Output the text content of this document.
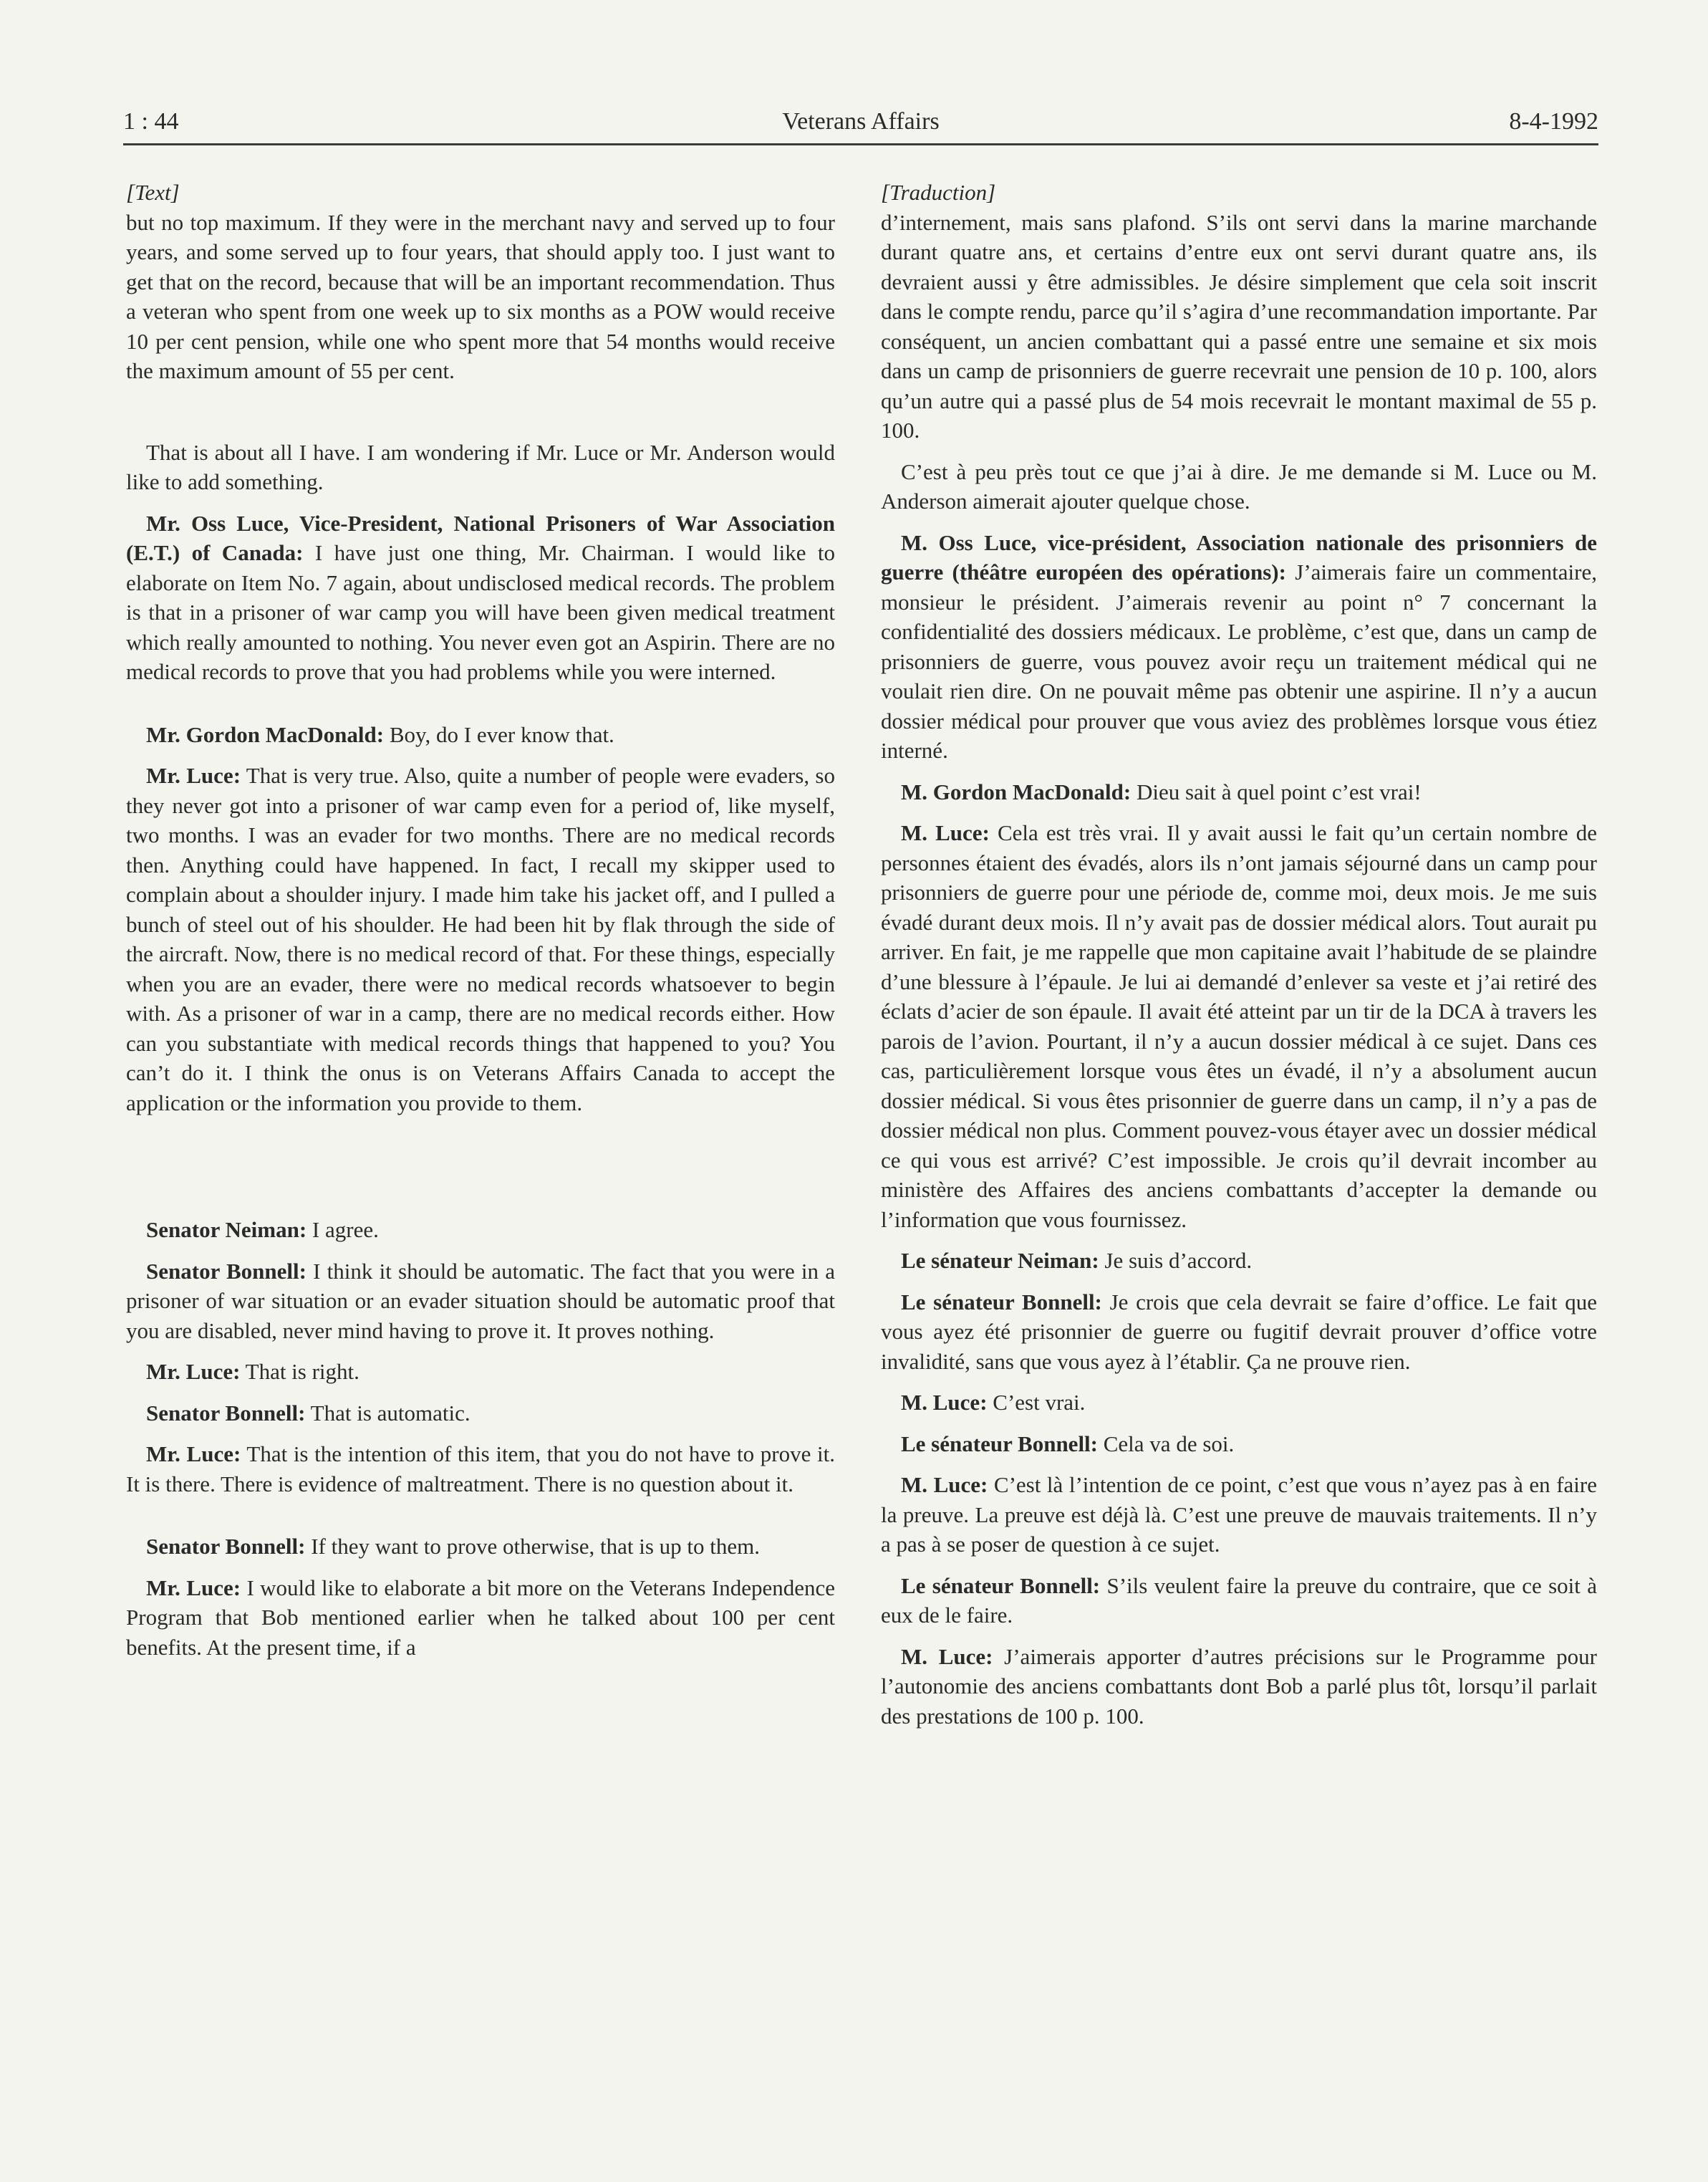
1 : 44	Veterans Affairs	8-4-1992

[Text]

but no top maximum. If they were in the merchant navy and served up to four years, and some served up to four years, that should apply too. I just want to get that on the record, because that will be an important recommendation. Thus a veteran who spent from one week up to six months as a POW would receive 10 per cent pension, while one who spent more that 54 months would receive the maximum amount of 55 per cent.

That is about all I have. I am wondering if Mr. Luce or Mr. Anderson would like to add something.

Mr. Oss Luce, Vice-President, National Prisoners of War Association (E.T.) of Canada: I have just one thing, Mr. Chairman. I would like to elaborate on Item No. 7 again, about undisclosed medical records. The problem is that in a prisoner of war camp you will have been given medical treatment which really amounted to nothing. You never even got an Aspirin. There are no medical records to prove that you had problems while you were interned.

Mr. Gordon MacDonald: Boy, do I ever know that.

Mr. Luce: That is very true. Also, quite a number of people were evaders, so they never got into a prisoner of war camp even for a period of, like myself, two months. I was an evader for two months. There are no medical records then. Anything could have happened. In fact, I recall my skipper used to complain about a shoulder injury. I made him take his jacket off, and I pulled a bunch of steel out of his shoulder. He had been hit by flak through the side of the aircraft. Now, there is no medical record of that. For these things, especially when you are an evader, there were no medical records whatsoever to begin with. As a prisoner of war in a camp, there are no medical records either. How can you substantiate with medical records things that happened to you? You can’t do it. I think the onus is on Veterans Affairs Canada to accept the application or the information you provide to them.

Senator Neiman: I agree.

Senator Bonnell: I think it should be automatic. The fact that you were in a prisoner of war situation or an evader situation should be automatic proof that you are disabled, never mind having to prove it. It proves nothing.

Mr. Luce: That is right.

Senator Bonnell: That is automatic.

Mr. Luce: That is the intention of this item, that you do not have to prove it. It is there. There is evidence of maltreatment. There is no question about it.

Senator Bonnell: If they want to prove otherwise, that is up to them.

Mr. Luce: I would like to elaborate a bit more on the Veterans Independence Program that Bob mentioned earlier when he talked about 100 per cent benefits. At the present time, if a

[Traduction]

d’internement, mais sans plafond. S’ils ont servi dans la marine marchande durant quatre ans, et certains d’entre eux ont servi durant quatre ans, ils devraient aussi y être admissibles. Je désire simplement que cela soit inscrit dans le compte rendu, parce qu’il s’agira d’une recommandation importante. Par conséquent, un ancien combattant qui a passé entre une semaine et six mois dans un camp de prisonniers de guerre recevrait une pension de 10 p. 100, alors qu’un autre qui a passé plus de 54 mois recevrait le montant maximal de 55 p. 100.

C’est à peu près tout ce que j’ai à dire. Je me demande si M. Luce ou M. Anderson aimerait ajouter quelque chose.

M. Oss Luce, vice-président, Association nationale des prisonniers de guerre (théâtre européen des opérations): J’aimerais faire un commentaire, monsieur le président. J’aimerais revenir au point n° 7 concernant la confidentialité des dossiers médicaux. Le problème, c’est que, dans un camp de prisonniers de guerre, vous pouvez avoir reçu un traitement médical qui ne voulait rien dire. On ne pouvait même pas obtenir une aspirine. Il n’y a aucun dossier médical pour prouver que vous aviez des problèmes lorsque vous étiez interné.

M. Gordon MacDonald: Dieu sait à quel point c’est vrai!

M. Luce: Cela est très vrai. Il y avait aussi le fait qu’un certain nombre de personnes étaient des évadés, alors ils n’ont jamais séjourné dans un camp pour prisonniers de guerre pour une période de, comme moi, deux mois. Je me suis évadé durant deux mois. Il n’y avait pas de dossier médical alors. Tout aurait pu arriver. En fait, je me rappelle que mon capitaine avait l’habitude de se plaindre d’une blessure à l’épaule. Je lui ai demandé d’enlever sa veste et j’ai retiré des éclats d’acier de son épaule. Il avait été atteint par un tir de la DCA à travers les parois de l’avion. Pourtant, il n’y a aucun dossier médical à ce sujet. Dans ces cas, particulièrement lorsque vous êtes un évadé, il n’y a absolument aucun dossier médical. Si vous êtes prisonnier de guerre dans un camp, il n’y a pas de dossier médical non plus. Comment pouvez-vous étayer avec un dossier médical ce qui vous est arrivé? C’est impossible. Je crois qu’il devrait incomber au ministère des Affaires des anciens combattants d’accepter la demande ou l’information que vous fournissez.

Le sénateur Neiman: Je suis d’accord.

Le sénateur Bonnell: Je crois que cela devrait se faire d’office. Le fait que vous ayez été prisonnier de guerre ou fugitif devrait prouver d’office votre invalidité, sans que vous ayez à l’établir. Ça ne prouve rien.

M. Luce: C’est vrai.

Le sénateur Bonnell: Cela va de soi.

M. Luce: C’est là l’intention de ce point, c’est que vous n’ayez pas à en faire la preuve. La preuve est déjà là. C’est une preuve de mauvais traitements. Il n’y a pas à se poser de question à ce sujet.

Le sénateur Bonnell: S’ils veulent faire la preuve du contraire, que ce soit à eux de le faire.

M. Luce: J’aimerais apporter d’autres précisions sur le Programme pour l’autonomie des anciens combattants dont Bob a parlé plus tôt, lorsqu’il parlait des prestations de 100 p. 100.
